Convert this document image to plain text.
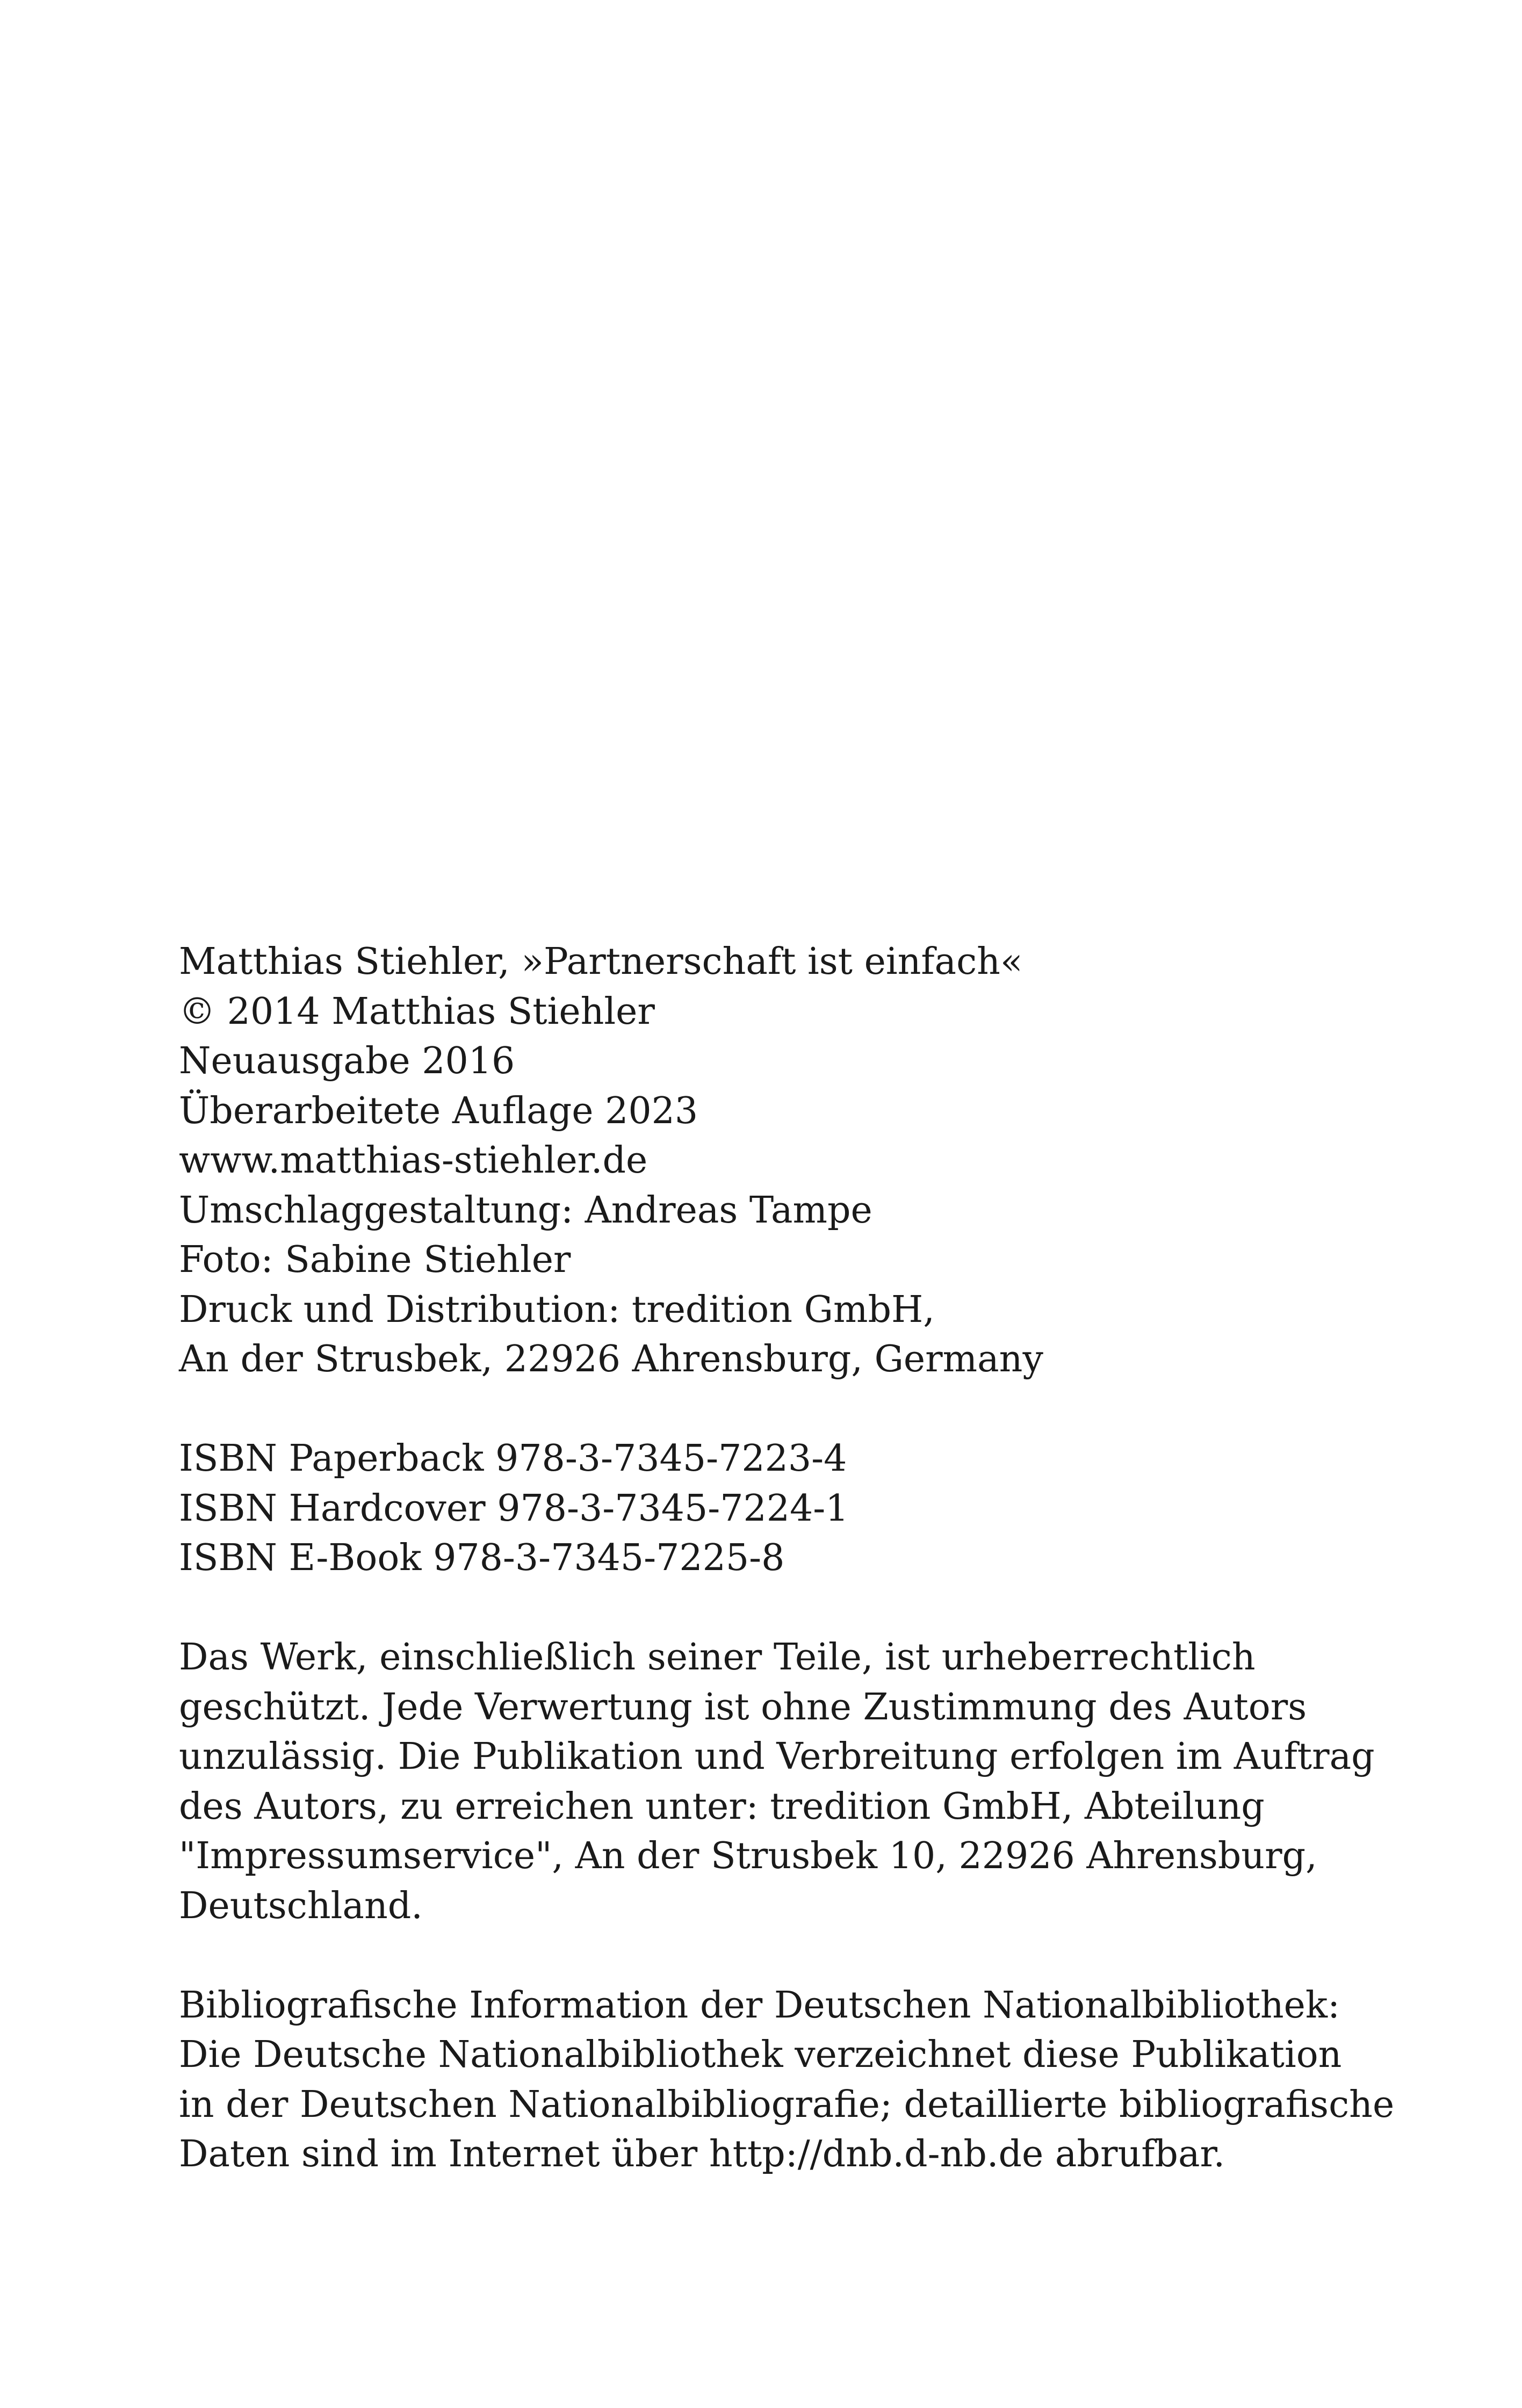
Matthias Stiehler, »Partnerschaft ist einfach«
© 2014 Matthias Stiehler
Neuausgabe 2016
Überarbeitete Auflage 2023
www.matthias-stiehler.de
Umschlaggestaltung: Andreas Tampe
Foto: Sabine Stiehler
Druck und Distribution: tredition GmbH,
An der Strusbek, 22926 Ahrensburg, Germany
ISBN Paperback 978-3-7345-7223-4
ISBN Hardcover 978-3-7345-7224-1
ISBN E-Book 978-3-7345-7225-8
Das Werk, einschließlich seiner Teile, ist urheberrechtlich
geschützt. Jede Verwertung ist ohne Zustimmung des Autors
unzulässig. Die Publikation und Verbreitung erfolgen im Auftrag
des Autors, zu erreichen unter: tredition GmbH, Abteilung
"Impressumservice", An der Strusbek 10, 22926 Ahrensburg,
Deutschland.
Bibliografische Information der Deutschen Nationalbibliothek:
Die Deutsche Nationalbibliothek verzeichnet diese Publikation
in der Deutschen Nationalbibliografie; detaillierte bibliografische
Daten sind im Internet über http://dnb.d-nb.de abrufbar.
